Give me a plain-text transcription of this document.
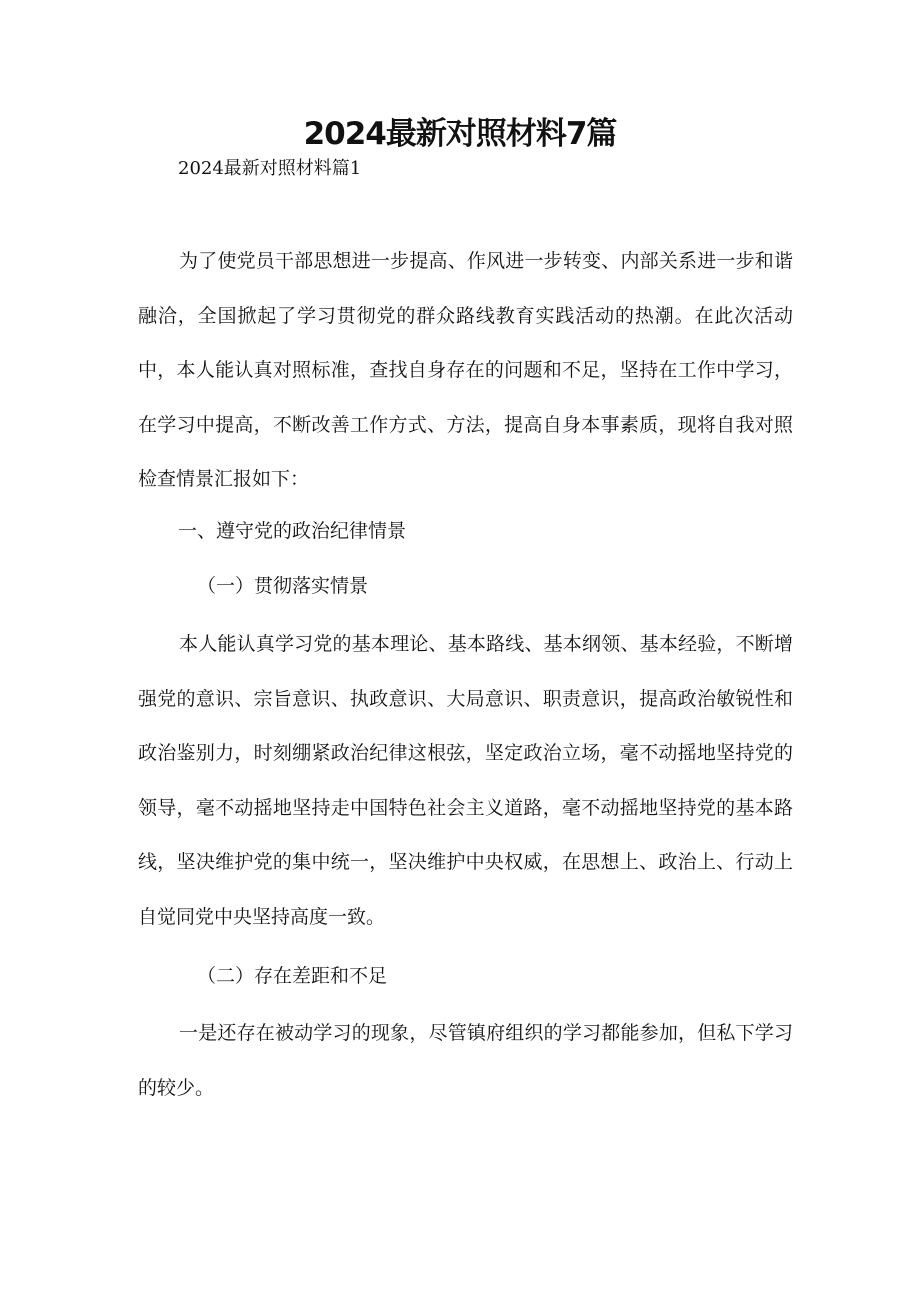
2024最新对照材料7篇
2024最新对照材料篇1

为了使党员干部思想进一步提高、作风进一步转变、内部关系进一步和谐融洽，全国掀起了学习贯彻党的群众路线教育实践活动的热潮。在此次活动中，本人能认真对照标准，查找自身存在的问题和不足，坚持在工作中学习，在学习中提高，不断改善工作方式、方法，提高自身本事素质，现将自我对照检查情景汇报如下：

一、遵守党的政治纪律情景

（一）贯彻落实情景

本人能认真学习党的基本理论、基本路线、基本纲领、基本经验，不断增强党的意识、宗旨意识、执政意识、大局意识、职责意识，提高政治敏锐性和政治鉴别力，时刻绷紧政治纪律这根弦，坚定政治立场，毫不动摇地坚持党的领导，毫不动摇地坚持走中国特色社会主义道路，毫不动摇地坚持党的基本路线，坚决维护党的集中统一，坚决维护中央权威，在思想上、政治上、行动上自觉同党中央坚持高度一致。

（二）存在差距和不足

一是还存在被动学习的现象，尽管镇府组织的学习都能参加，但私下学习的较少。
